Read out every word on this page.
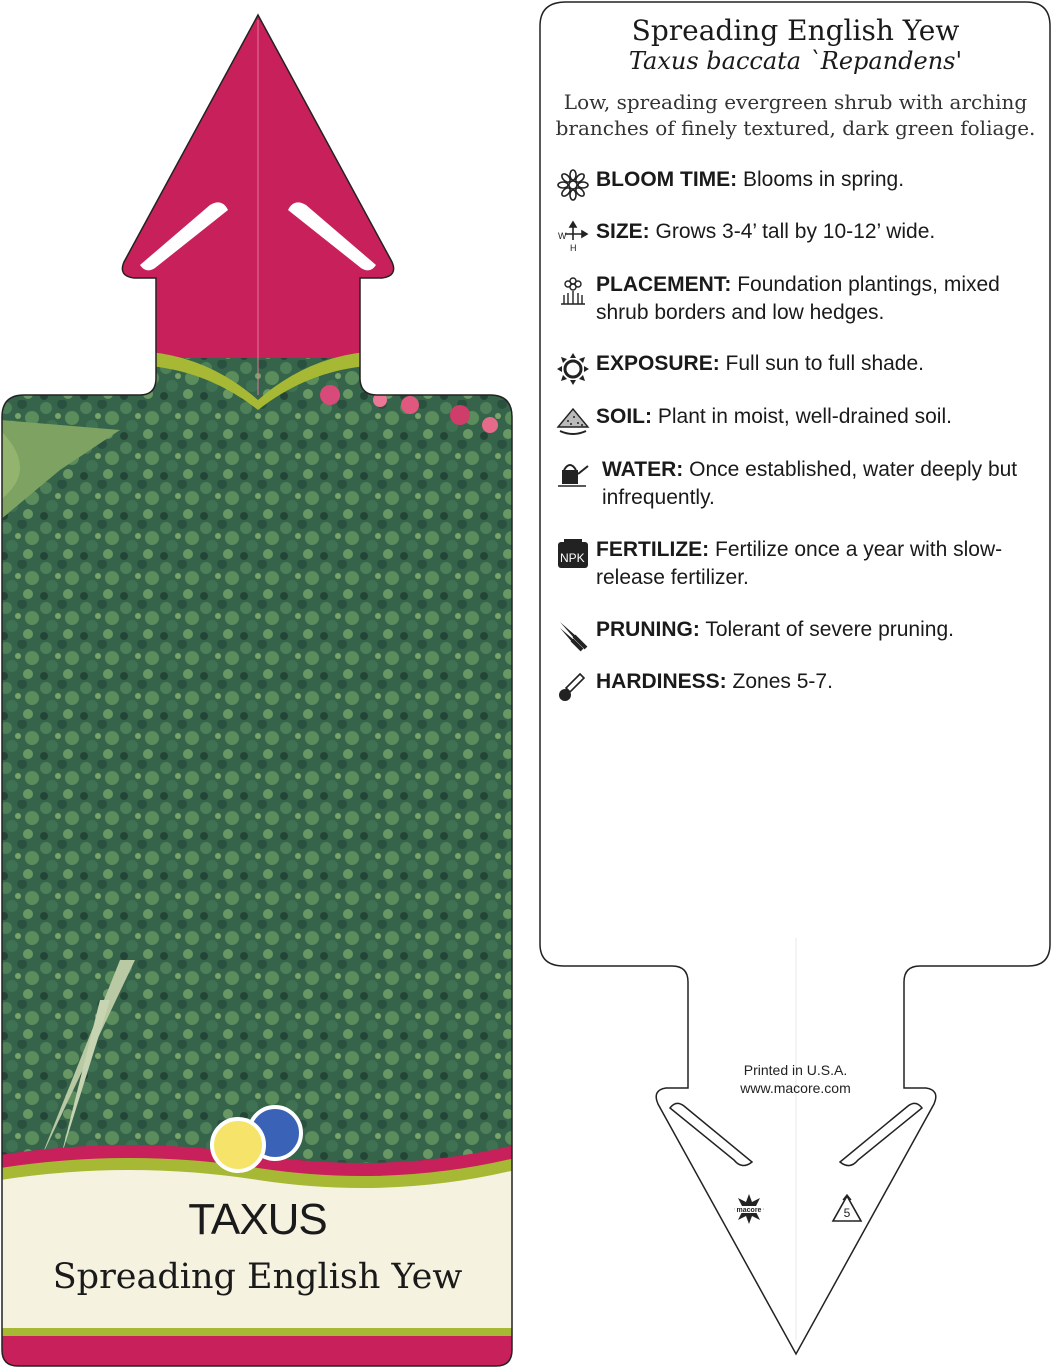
TAXUS
Spreading English Yew
Spreading English Yew
Taxus baccata `Repandens'
Low, spreading evergreen shrub with arching branches of finely textured, dark green foliage.
BLOOM TIME: Blooms in spring.
W
H
SIZE: Grows 3-4’ tall by 10-12’ wide.
PLACEMENT: Foundation plantings, mixed shrub borders and low hedges.
EXPOSURE: Full sun to full shade.
SOIL: Plant in moist, well-drained soil.
WATER: Once established, water deeply but infrequently.
NPK FERTILIZE: Fertilize once a year with slow-release fertilizer.
PRUNING: Tolerant of severe pruning.
HARDINESS: Zones 5-7.
Printed in U.S.A.
www.macore.com
macore	5
